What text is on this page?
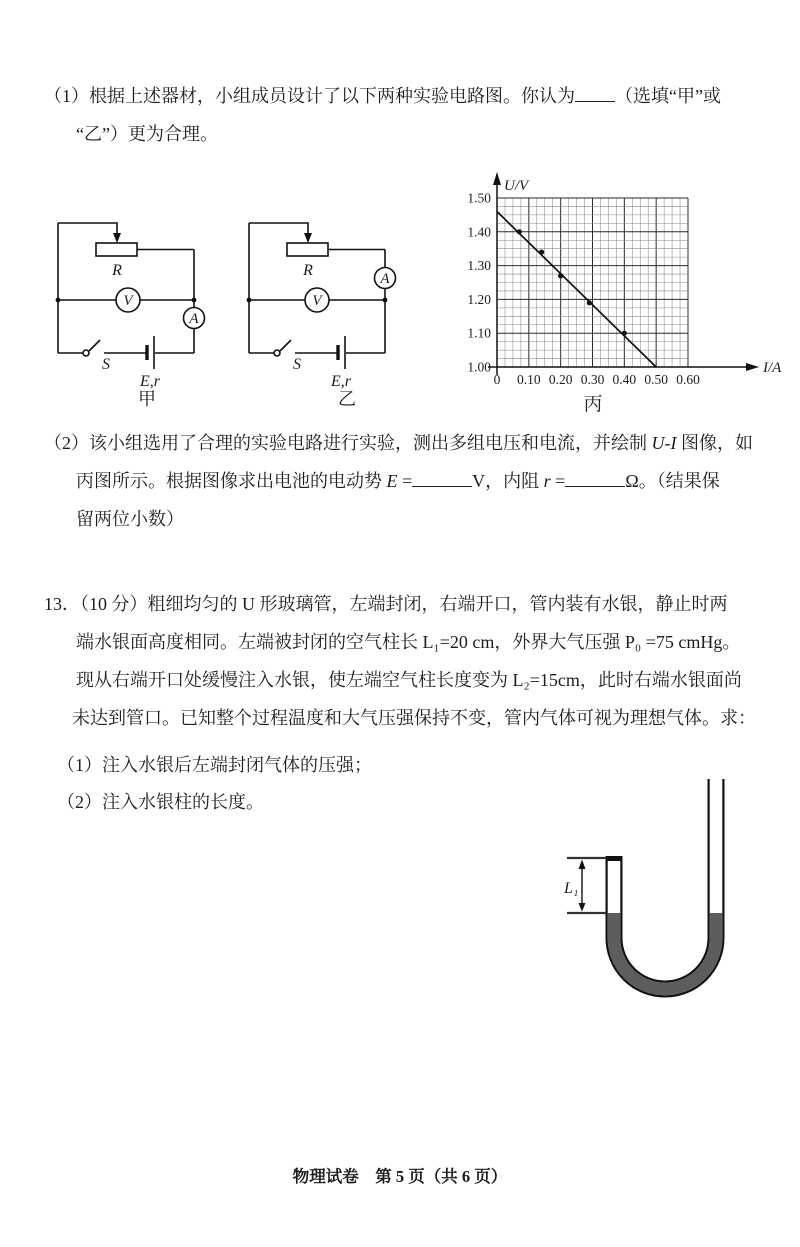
（1）根据上述器材，小组成员设计了以下两种实验电路图。你认为 （选填“甲”或

“乙”）更为合理。

R
V
A
S
E,r
甲
R
V
A
S
E,r
乙
U/V
I/A
1.00
1.10
1.20
1.30
1.40
1.50
0 0.10 0.20 0.30 0.40 0.50 0.60
丙

（2）该小组选用了合理的实验电路进行实验，测出多组电压和电流，并绘制 U-I 图像，如

丙图所示。根据图像求出电池的电动势 E =	V，内阻 r =	Ω。（结果保

留两位小数）

13．（10 分）粗细均匀的 U 形玻璃管，左端封闭，右端开口，管内装有水银，静止时两

端水银面高度相同。左端被封闭的空气柱长 L₁=20 cm，外界大气压强 P₀ =75 cmHg。

现从右端开口处缓慢注入水银，使左端空气柱长度变为 L₂=15cm，此时右端水银面尚

未达到管口。已知整个过程温度和大气压强保持不变，管内气体可视为理想气体。求：

（1）注入水银后左端封闭气体的压强；

（2）注入水银柱的长度。

L₁

物理试卷　第 5 页（共 6 页）
